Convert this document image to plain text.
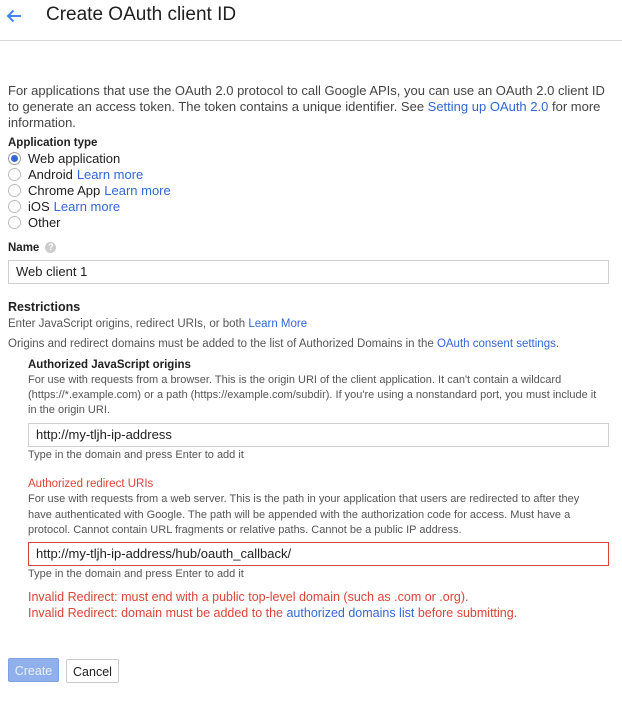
Create OAuth client ID
For applications that use the OAuth 2.0 protocol to call Google APIs, you can use an OAuth 2.0 client ID to generate an access token. The token contains a unique identifier. See Setting up OAuth 2.0 for more information.
Application type
Web application
Android Learn more
Chrome App Learn more
iOS Learn more
Other
Name ?
Web client 1
Restrictions
Enter JavaScript origins, redirect URIs, or both Learn More
Origins and redirect domains must be added to the list of Authorized Domains in the OAuth consent settings.
Authorized JavaScript origins
For use with requests from a browser. This is the origin URI of the client application. It can't contain a wildcard (https://*.example.com) or a path (https://example.com/subdir). If you're using a nonstandard port, you must include it in the origin URI.
http://my-tljh-ip-address
Type in the domain and press Enter to add it
Authorized redirect URIs
For use with requests from a web server. This is the path in your application that users are redirected to after they have authenticated with Google. The path will be appended with the authorization code for access. Must have a protocol. Cannot contain URL fragments or relative paths. Cannot be a public IP address.
http://my-tljh-ip-address/hub/oauth_callback/
Type in the domain and press Enter to add it
Invalid Redirect: must end with a public top-level domain (such as .com or .org).
Invalid Redirect: domain must be added to the authorized domains list before submitting.
Create	Cancel
